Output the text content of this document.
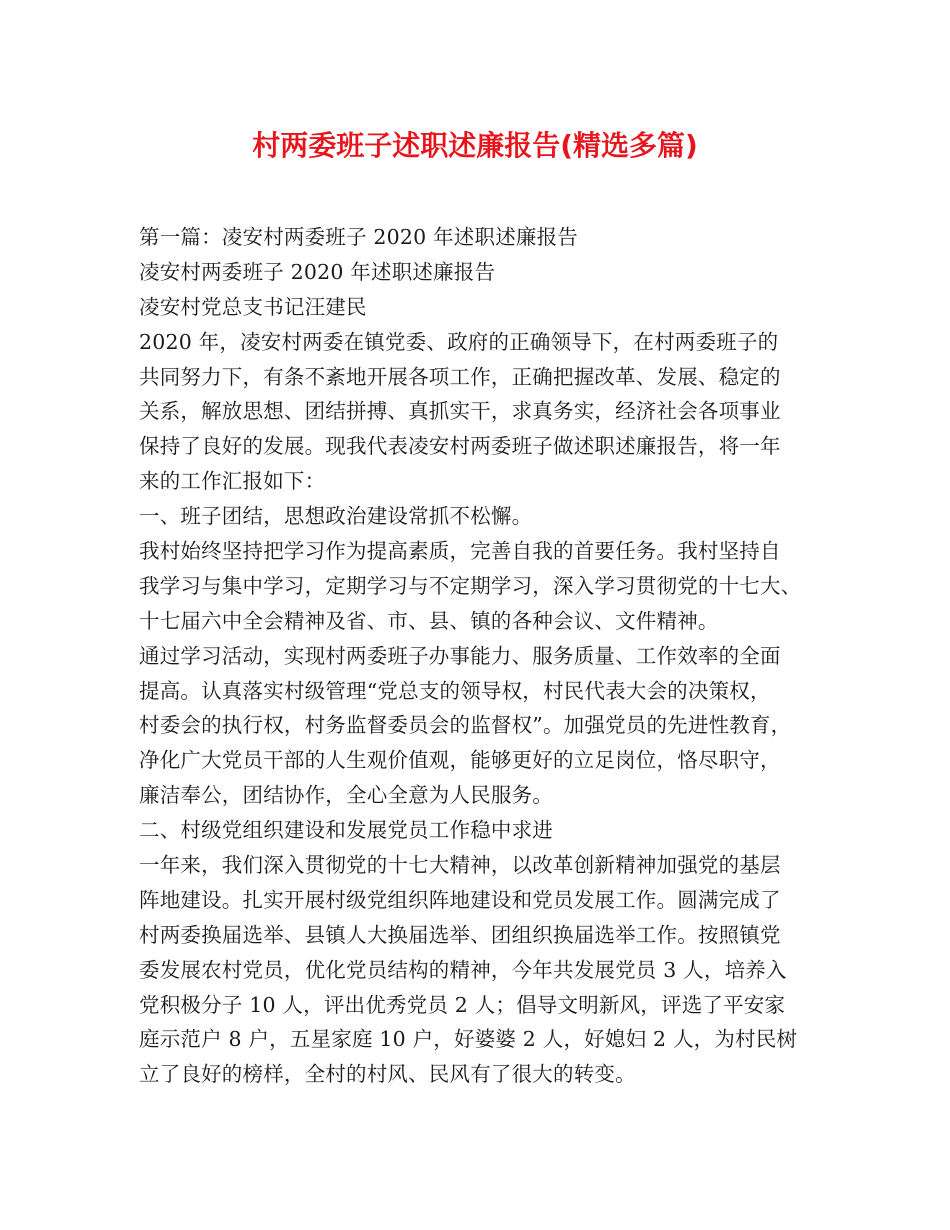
村两委班子述职述廉报告(精选多篇)
第一篇：凌安村两委班子 2020 年述职述廉报告
凌安村两委班子 2020 年述职述廉报告
凌安村党总支书记汪建民
2020 年，凌安村两委在镇党委、政府的正确领导下，在村两委班子的
共同努力下，有条不紊地开展各项工作，正确把握改革、发展、稳定的
关系，解放思想、团结拼搏、真抓实干，求真务实，经济社会各项事业
保持了良好的发展。现我代表凌安村两委班子做述职述廉报告，将一年
来的工作汇报如下：
一、班子团结，思想政治建设常抓不松懈。
我村始终坚持把学习作为提高素质，完善自我的首要任务。我村坚持自
我学习与集中学习，定期学习与不定期学习，深入学习贯彻党的十七大、
十七届六中全会精神及省、市、县、镇的各种会议、文件精神。
通过学习活动，实现村两委班子办事能力、服务质量、工作效率的全面
提高。认真落实村级管理“党总支的领导权，村民代表大会的决策权，
村委会的执行权，村务监督委员会的监督权”。加强党员的先进性教育，
净化广大党员干部的人生观价值观，能够更好的立足岗位，恪尽职守，
廉洁奉公，团结协作，全心全意为人民服务。
二、村级党组织建设和发展党员工作稳中求进
一年来，我们深入贯彻党的十七大精神，以改革创新精神加强党的基层
阵地建设。扎实开展村级党组织阵地建设和党员发展工作。圆满完成了
村两委换届选举、县镇人大换届选举、团组织换届选举工作。按照镇党
委发展农村党员，优化党员结构的精神，今年共发展党员 3 人，培养入
党积极分子 10 人，评出优秀党员 2 人；倡导文明新风，评选了平安家
庭示范户 8 户，五星家庭 10 户，好婆婆 2 人，好媳妇 2 人，为村民树
立了良好的榜样，全村的村风、民风有了很大的转变。
